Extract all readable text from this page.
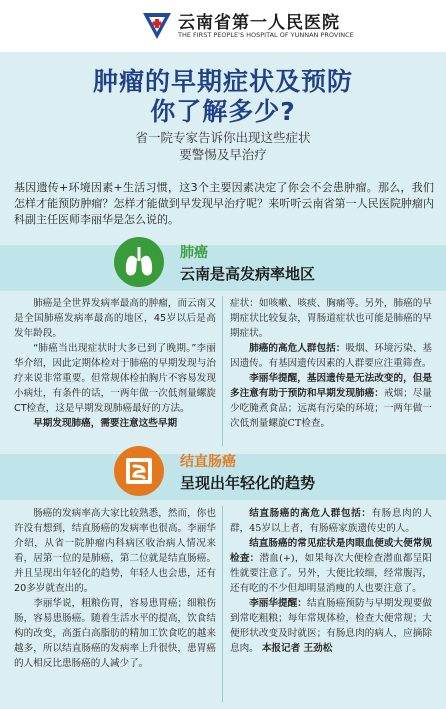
云南省第一人民医院
THE FIRST PEOPLE'S HOSPITAL OF YUNNAN PROVINCE
肿瘤的早期症状及预防
你了解多少?
省一院专家告诉你出现这些症状
要警惕及早治疗
基因遗传+环境因素+生活习惯，这3个主要因素决定了你会不会患肿瘤。那么，我们怎样才能预防肿瘤？怎样才能做到早发现早治疗呢？来听听云南省第一人民医院肿瘤内科副主任医师李丽华是怎么说的。
肺癌
云南是高发病率地区

肺癌是全世界发病率最高的肿瘤，而云南又是全国肺癌发病率最高的地区，45岁以后是高发年龄段。

“肺癌当出现症状时大多已到了晚期。”李丽华介绍，因此定期体检对于肺癌的早期发现与治疗来说非常重要。但常规体检拍胸片不容易发现小病灶，有条件的话，一两年做一次低剂量螺旋CT检查，这是早期发现肺癌最好的方法。

早期发现肺癌，需要注意这些早期

症状：如咳嗽、咳痰、胸痛等。另外，肺癌的早期症状比较复杂，胃肠道症状也可能是肺癌的早期症状。

肺癌的高危人群包括：吸烟、环境污染、基因遗传。有基因遗传因素的人群要应注重筛查。

李丽华提醒，基因遗传是无法改变的，但是多注意有助于预防和早期发现肺癌：戒烟；尽量少吃腌煮食品；远离有污染的环境；一两年做一次低剂量螺旋CT检查。

结直肠癌
呈现出年轻化的趋势

肠癌的发病率高大家比较熟悉，然而，你也许没有想到，结直肠癌的发病率也很高。李丽华介绍，从省一院肿瘤内科病区收治病人情况来看，居第一位的是肺癌，第二位就是结直肠癌。并且呈现出年轻化的趋势，年轻人也会患，还有20多岁就查出的。

李丽华说，粗粮伤胃，容易患胃癌；细粮伤肠，容易患肠癌。随着生活水平的提高，饮食结构的改变，高蛋白高脂肪的精加工饮食吃的越来越多，所以结直肠癌的发病率上升很快，患胃癌的人相反比患肠癌的人减少了。

结直肠癌的高危人群包括：有肠息肉的人群，45岁以上者，有肠癌家族遗传史的人。

结直肠癌的常见症状是肉眼血便或大便常规检查：潜血(+)，如果每次大便检查潜血都呈阳性就要注意了。另外，大便比较细，经常腹泻，还有吃的不少但却明显消瘦的人也要注意了。

李丽华提醒：结直肠癌预防与早期发现要做到常吃粗粮；每年常规体检，检查大便常规；大便形状改变及时就医；有肠息肉的病人，应摘除息肉。 本报记者 王劲松
